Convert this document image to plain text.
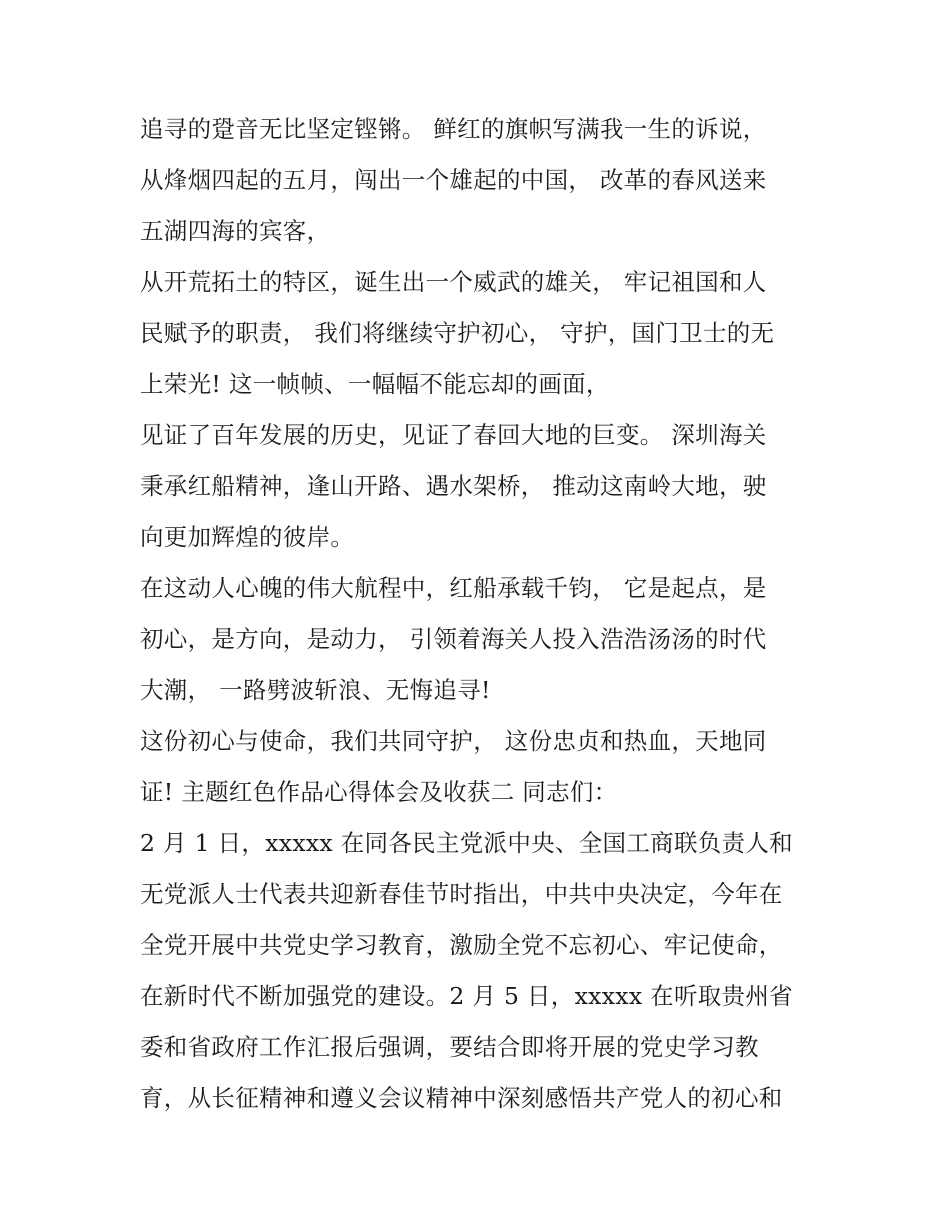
追寻的跫音无比坚定铿锵。 鲜红的旗帜写满我一生的诉说，

从烽烟四起的五月，闯出一个雄起的中国， 改革的春风送来

五湖四海的宾客，

从开荒拓土的特区，诞生出一个威武的雄关， 牢记祖国和人

民赋予的职责， 我们将继续守护初心， 守护，国门卫士的无

上荣光! 这一帧帧、一幅幅不能忘却的画面，

见证了百年发展的历史，见证了春回大地的巨变。 深圳海关

秉承红船精神，逢山开路、遇水架桥， 推动这南岭大地，驶

向更加辉煌的彼岸。

在这动人心魄的伟大航程中，红船承载千钧， 它是起点，是

初心，是方向，是动力， 引领着海关人投入浩浩汤汤的时代

大潮， 一路劈波斩浪、无悔追寻!

这份初心与使命，我们共同守护， 这份忠贞和热血，天地同

证! 主题红色作品心得体会及收获二 同志们：

2 月 1 日，xxxxx 在同各民主党派中央、全国工商联负责人和

无党派人士代表共迎新春佳节时指出，中共中央决定，今年在

全党开展中共党史学习教育，激励全党不忘初心、牢记使命，

在新时代不断加强党的建设。2 月 5 日，xxxxx 在听取贵州省

委和省政府工作汇报后强调，要结合即将开展的党史学习教

育，从长征精神和遵义会议精神中深刻感悟共产党人的初心和
